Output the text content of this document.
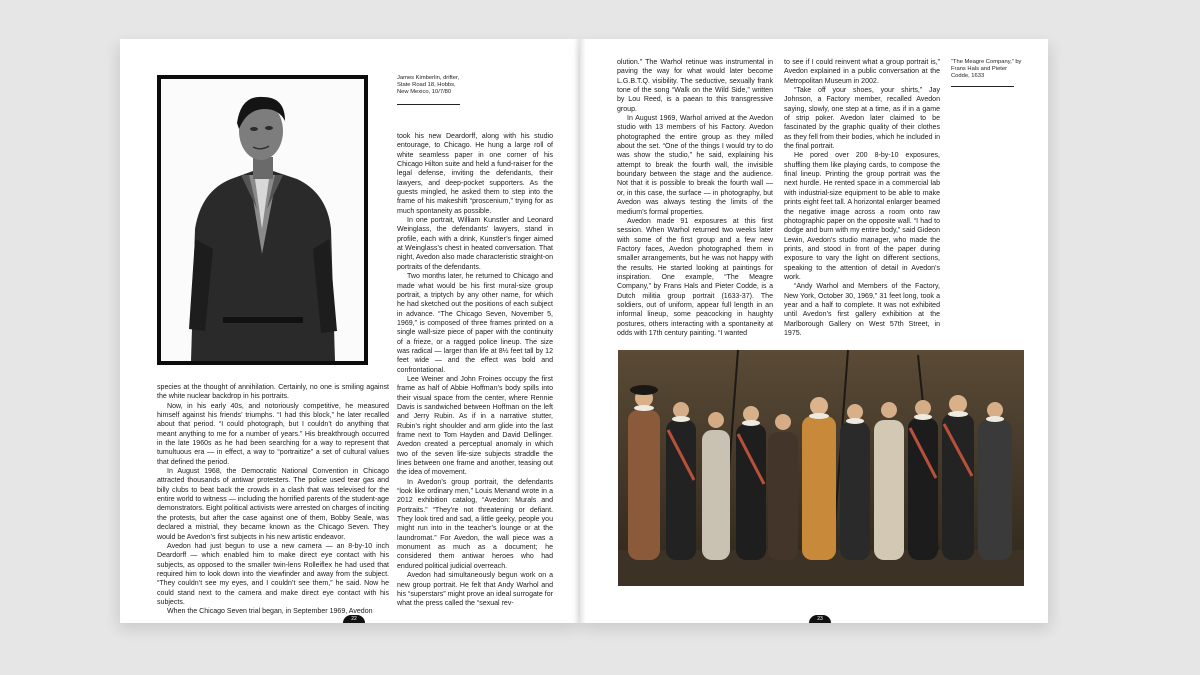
James Kimberlin, drifter, State Road 18, Hobbs, New Mexico, 10/7/80

species at the thought of annihilation. Certainly, no one is smiling against the white nuclear backdrop in his portraits.

Now, in his early 40s, and notoriously competitive, he measured himself against his friends’ triumphs. “I had this block,” he later recalled about that period. “I could photograph, but I couldn’t do anything that meant anything to me for a number of years.” His breakthrough occurred in the late 1960s as he had been searching for a way to represent that tumultuous era — in effect, a way to “portraitize” a set of cultural values that defined the period.

In August 1968, the Democratic National Convention in Chicago attracted thousands of antiwar protesters. The police used tear gas and billy clubs to beat back the crowds in a clash that was televised for the entire world to witness — including the horrified parents of the student-age demonstrators. Eight political activists were arrested on charges of inciting the protests, but after the case against one of them, Bobby Seale, was declared a mistrial, they became known as the Chicago Seven. They would be Avedon’s first subjects in his new artistic endeavor.

Avedon had just begun to use a new camera — an 8-by-10 inch Deardorff — which enabled him to make direct eye contact with his subjects, as opposed to the smaller twin-lens Rolleiflex he had used that required him to look down into the viewfinder and away from the subject. “They couldn’t see my eyes, and I couldn’t see them,” he said. Now he could stand next to the camera and make direct eye contact with his subjects.

When the Chicago Seven trial began, in September 1969, Avedon

took his new Deardorff, along with his studio entourage, to Chicago. He hung a large roll of white seamless paper in one corner of his Chicago Hilton suite and held a fund-raiser for the legal defense, inviting the defendants, their lawyers, and deep-pocket supporters. As the guests mingled, he asked them to step into the frame of his makeshift “proscenium,” trying for as much spontaneity as possible.

In one portrait, William Kunstler and Leonard Weinglass, the defendants’ lawyers, stand in profile, each with a drink, Kunstler’s finger aimed at Weinglass’s chest in heated conversation. That night, Avedon also made characteristic straight-on portraits of the defendants.

Two months later, he returned to Chicago and made what would be his first mural-size group portrait, a triptych by any other name, for which he had sketched out the positions of each subject in advance. “The Chicago Seven, November 5, 1969,” is composed of three frames printed on a single wall-size piece of paper with the continuity of a frieze, or a ragged police lineup. The size was radical — larger than life at 8½ feet tall by 12 feet wide — and the effect was bold and confrontational.

Lee Weiner and John Froines occupy the first frame as half of Abbie Hoffman’s body spills into their visual space from the center, where Rennie Davis is sandwiched between Hoffman on the left and Jerry Rubin. As if in a narrative stutter, Rubin’s right shoulder and arm glide into the last frame next to Tom Hayden and David Dellinger. Avedon created a perceptual anomaly in which two of the seven life-size subjects straddle the lines between one frame and another, teasing out the idea of movement.

In Avedon’s group portrait, the defendants “look like ordinary men,” Louis Menand wrote in a 2012 exhibition catalog, “Avedon: Murals and Portraits.” “They’re not threatening or defiant. They look tired and sad, a little geeky, people you might run into in the teacher’s lounge or at the laundromat.” For Avedon, the wall piece was a monument as much as a document; he considered them antiwar heroes who had endured political judicial overreach.

Avedon had simultaneously begun work on a new group portrait. He felt that Andy Warhol and his “superstars” might prove an ideal surrogate for what the press called the “sexual rev-

22

olution.” The Warhol retinue was instrumental in paving the way for what would later become L.G.B.T.Q. visibility. The seductive, sexually frank tone of the song “Walk on the Wild Side,” written by Lou Reed, is a paean to this transgressive group.

In August 1969, Warhol arrived at the Avedon studio with 13 members of his Factory. Avedon photographed the entire group as they milled about the set. “One of the things I would try to do was show the studio,” he said, explaining his attempt to break the fourth wall, the invisible boundary between the stage and the audience. Not that it is possible to break the fourth wall — or, in this case, the surface — in photography, but Avedon was always testing the limits of the medium’s formal properties.

Avedon made 91 exposures at this first session. When Warhol returned two weeks later with some of the first group and a few new Factory faces, Avedon photographed them in smaller arrangements, but he was not happy with the results. He started looking at paintings for inspiration. One example, “The Meagre Company,” by Frans Hals and Pieter Codde, is a Dutch militia group portrait (1633-37). The soldiers, out of uniform, appear full length in an informal lineup, some peacocking in haughty postures, others interacting with a spontaneity at odds with 17th century painting. “I wanted

to see if I could reinvent what a group portrait is,” Avedon explained in a public conversation at the Metropolitan Museum in 2002.

“Take off your shoes, your shirts,” Jay Johnson, a Factory member, recalled Avedon saying, slowly, one step at a time, as if in a game of strip poker. Avedon later claimed to be fascinated by the graphic quality of their clothes as they fell from their bodies, which he included in the final portrait.

He pored over 200 8-by-10 exposures, shuffling them like playing cards, to compose the final lineup. Printing the group portrait was the next hurdle. He rented space in a commercial lab with industrial-size equipment to be able to make prints eight feet tall. A horizontal enlarger beamed the negative image across a room onto raw photographic paper on the opposite wall. “I had to dodge and burn with my entire body,” said Gideon Lewin, Avedon’s studio manager, who made the prints, and stood in front of the paper during exposure to vary the light on different sections, speaking to the attention of detail in Avedon’s work.

“Andy Warhol and Members of the Factory, New York, October 30, 1969,” 31 feet long, took a year and a half to complete. It was not exhibited until Avedon’s first gallery exhibition at the Marlborough Gallery on West 57th Street, in 1975.

“The Meagre Company,” by Frans Hals and Pieter Codde, 1633
23
